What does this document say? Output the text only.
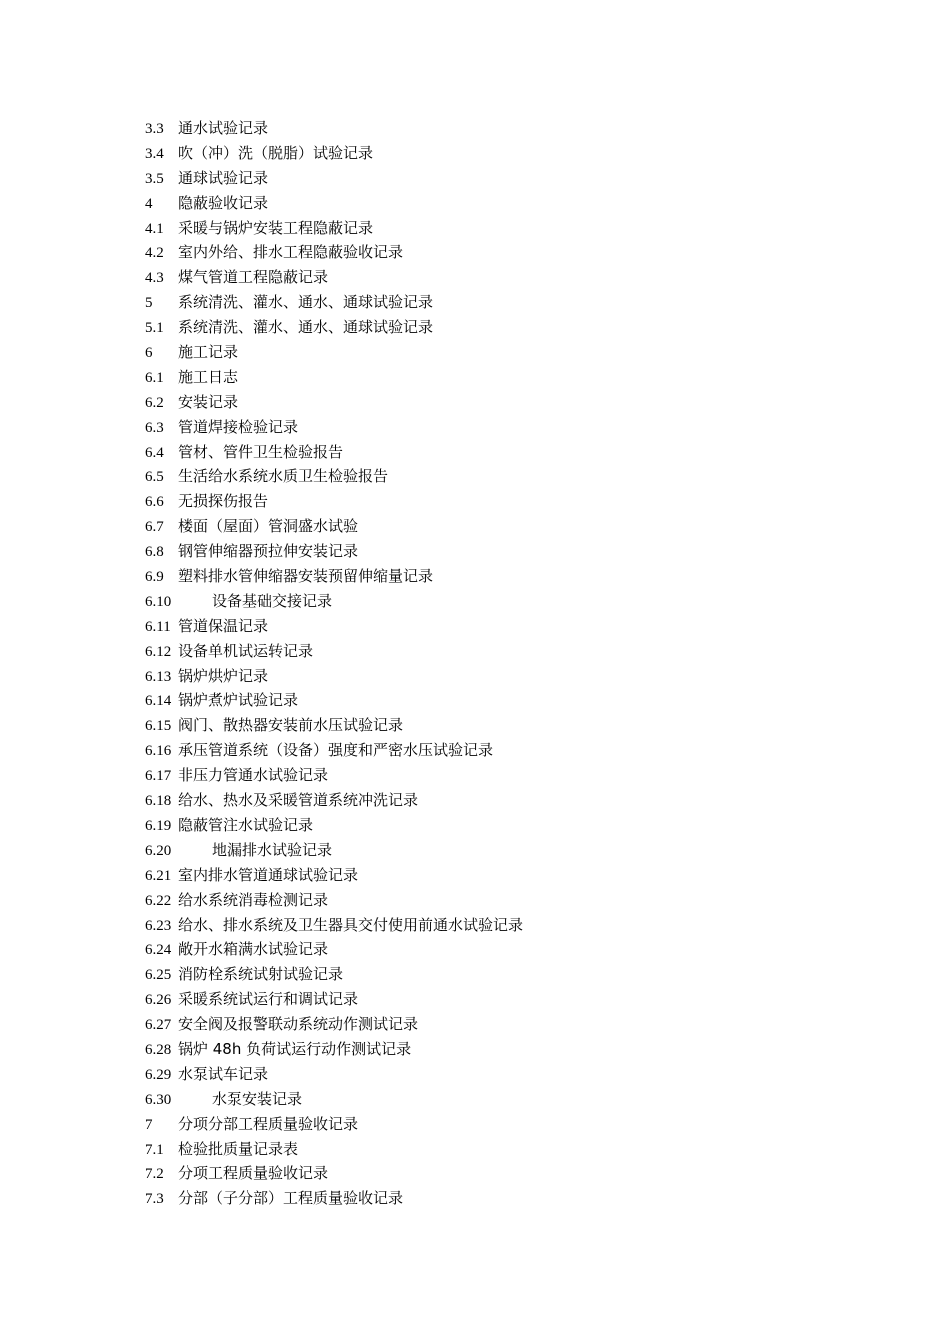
3.3 通水试验记录
3.4 吹（冲）洗（脱脂）试验记录
3.5 通球试验记录
4 隐蔽验收记录
4.1 采暖与锅炉安装工程隐蔽记录
4.2 室内外给、排水工程隐蔽验收记录
4.3 煤气管道工程隐蔽记录
5 系统清洗、灌水、通水、通球试验记录
5.1 系统清洗、灌水、通水、通球试验记录
6 施工记录
6.1 施工日志
6.2 安装记录
6.3 管道焊接检验记录
6.4 管材、管件卫生检验报告
6.5 生活给水系统水质卫生检验报告
6.6 无损探伤报告
6.7 楼面（屋面）管洞盛水试验
6.8 钢管伸缩器预拉伸安装记录
6.9 塑料排水管伸缩器安装预留伸缩量记录
6.10	设备基础交接记录
6.11 管道保温记录
6.12 设备单机试运转记录
6.13 锅炉烘炉记录
6.14 锅炉煮炉试验记录
6.15 阀门、散热器安装前水压试验记录
6.16 承压管道系统（设备）强度和严密水压试验记录
6.17 非压力管通水试验记录
6.18 给水、热水及采暖管道系统冲洗记录
6.19 隐蔽管注水试验记录
6.20	地漏排水试验记录
6.21 室内排水管道通球试验记录
6.22 给水系统消毒检测记录
6.23 给水、排水系统及卫生器具交付使用前通水试验记录
6.24 敞开水箱满水试验记录
6.25 消防栓系统试射试验记录
6.26 采暖系统试运行和调试记录
6.27 安全阀及报警联动系统动作测试记录
6.28 锅炉 48h 负荷试运行动作测试记录
6.29 水泵试车记录
6.30	水泵安装记录
7 分项分部工程质量验收记录
7.1 检验批质量记录表
7.2 分项工程质量验收记录
7.3 分部（子分部）工程质量验收记录
